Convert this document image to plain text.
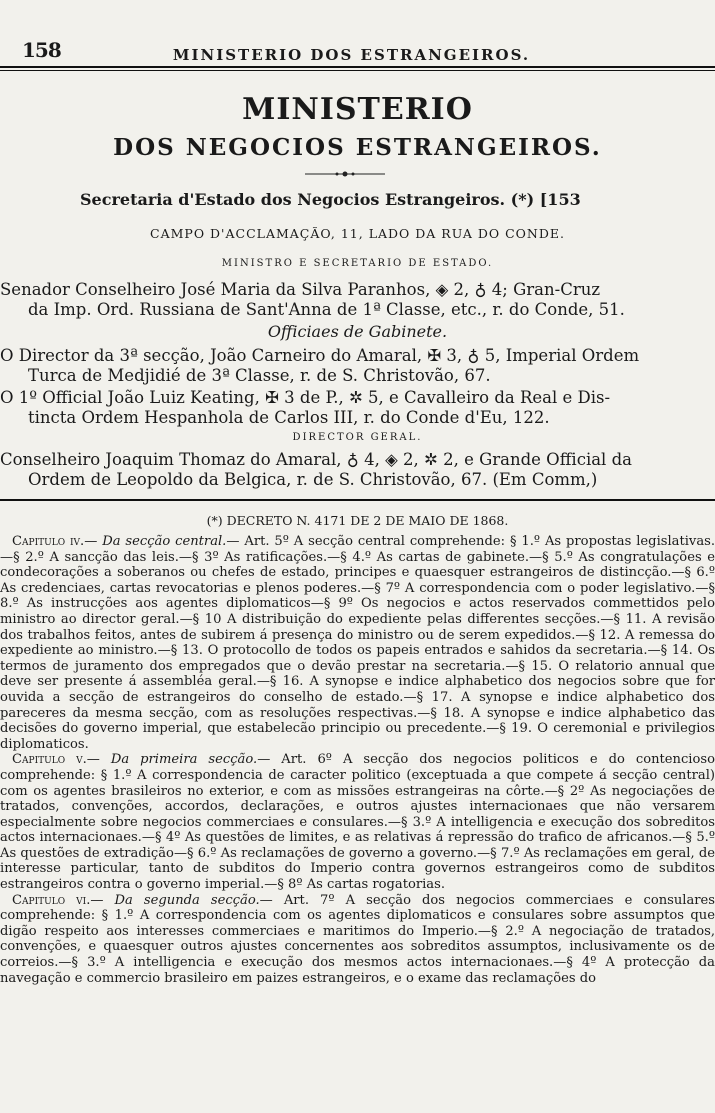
158	MINISTERIO DOS ESTRANGEIROS.
MINISTERIO
DOS NEGOCIOS ESTRANGEIROS.
Secretaria d'Estado dos Negocios Estrangeiros. (*) [153
CAMPO D'ACCLAMAÇÃO, 11, LADO DA RUA DO CONDE.
MINISTRO E SECRETARIO DE ESTADO.
Senador Conselheiro José Maria da Silva Paranhos, ◈ 2, ♁ 4; Gran-Cruz
da Imp. Ord. Russiana de Sant'Anna de 1ª Classe, etc., r. do Conde, 51.
Officiaes de Gabinete.
O Director da 3ª secção, João Carneiro do Amaral, ✠ 3, ♁ 5, Imperial Ordem
Turca de Medjidié de 3ª Classe, r. de S. Christovão, 67.
O 1º Official João Luiz Keating, ✠ 3 de P., ✲ 5, e Cavalleiro da Real e Dis-
tincta Ordem Hespanhola de Carlos III, r. do Conde d'Eu, 122.
DIRECTOR GERAL.
Conselheiro Joaquim Thomaz do Amaral, ♁ 4, ◈ 2, ✲ 2, e Grande Official da
Ordem de Leopoldo da Belgica, r. de S. Christovão, 67. (Em Comm,)
(*) DECRETO N. 4171 DE 2 DE MAIO DE 1868.

Capitulo iv.— Da secção central.— Art. 5º A secção central comprehende: § 1.º As propostas legislativas.—§ 2.º A sancção das leis.—§ 3º As ratificações.—§ 4.º As cartas de gabinete.—§ 5.º As congratulações e condecorações a soberanos ou chefes de estado, principes e quaesquer estrangeiros de distincção.—§ 6.º As credenciaes, cartas revocatorias e plenos poderes.—§ 7º A correspondencia com o poder legislativo.—§ 8.º As instrucções aos agentes diplomaticos—§ 9º Os negocios e actos reservados commettidos pelo ministro ao director geral.—§ 10 A distribuição do expediente pelas differentes secções.—§ 11. A revisão dos trabalhos feitos, antes de subirem á presença do ministro ou de serem expedidos.—§ 12. A remessa do expediente ao ministro.—§ 13. O protocollo de todos os papeis entrados e sahidos da secretaria.—§ 14. Os termos de juramento dos empregados que o devão prestar na secretaria.—§ 15. O relatorio annual que deve ser presente á assembléa geral.—§ 16. A synopse e indice alphabetico dos negocios sobre que for ouvida a secção de estrangeiros do conselho de estado.—§ 17. A synopse e indice alphabetico dos pareceres da mesma secção, com as resoluções respectivas.—§ 18. A synopse e indice alphabetico das decisões do governo imperial, que estabelecão principio ou precedente.—§ 19. O ceremonial e privilegios diplomaticos.

Capitulo v.— Da primeira secção.— Art. 6º A secção dos negocios politicos e do contencioso comprehende: § 1.º A correspondencia de caracter politico (exceptuada a que compete á secção central) com os agentes brasileiros no exterior, e com as missões estrangeiras na côrte.—§ 2º As negociações de tratados, convenções, accordos, declarações, e outros ajustes internacionaes que não versarem especialmente sobre negocios commerciaes e consulares.—§ 3.º A intelligencia e execução dos sobreditos actos internacionaes.—§ 4º As questões de limites, e as relativas á repressão do trafico de africanos.—§ 5.º As questões de extradição—§ 6.º As reclamações de governo a governo.—§ 7.º As reclamações em geral, de interesse particular, tanto de subditos do Imperio contra governos estrangeiros como de subditos estrangeiros contra o governo imperial.—§ 8º As cartas rogatorias.

Capitulo vi.— Da segunda secção.— Art. 7º A secção dos negocios commerciaes e consulares comprehende: § 1.º A correspondencia com os agentes diplomaticos e consulares sobre assumptos que digão respeito aos interesses commerciaes e maritimos do Imperio.—§ 2.º A negociação de tratados, convenções, e quaesquer outros ajustes concernentes aos sobreditos assumptos, inclusivamente os de correios.—§ 3.º A intelligencia e execução dos mesmos actos internacionaes.—§ 4º A protecção da navegação e commercio brasileiro em paizes estrangeiros, e o exame das reclamações do
